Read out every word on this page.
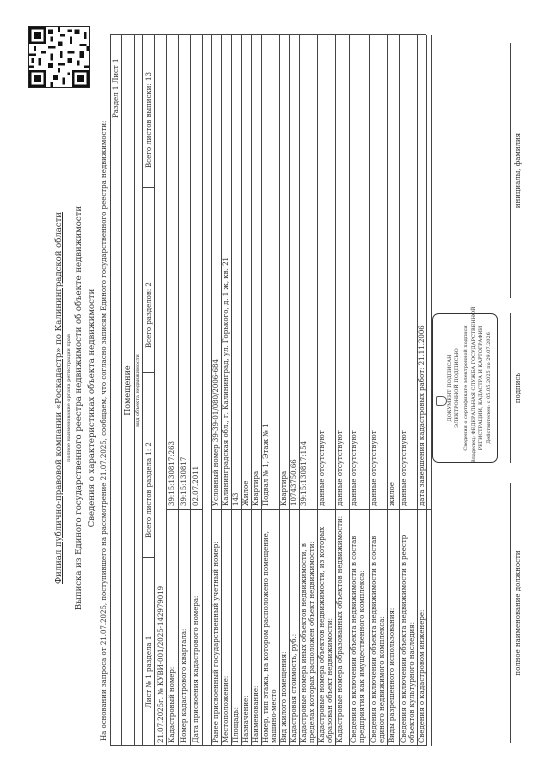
Филиал публично-правовой компании «Роскадастр» по Калининградской области полное наименование органа регистрации прав Выписка из Единого государственного реестра недвижимости об объекте недвижимости Сведения о характеристиках объекта недвижимости На основании запроса от 21.07.2025, поступившего на рассмотрение 21.07.2025, сообщаем, что согласно записям Единого государственного реестра недвижимости:
Раздел 1 Лист 1
Помещение вид объекта недвижимости
Лист № 1 раздела 1
Всего листов раздела 1: 2
Всего разделов: 2
Всего листов выписки: 13
21.07.2025г. № КУВИ-001/2025-142979019 Кадастровый номер:
39:15:130817:263
Номер кадастрового квартала:
39:15:130817
Дата присвоения кадастрового номера:
02.07.2011
Ранее присвоенный государственный учетный номер:
Условный номер 39-39-01/080/2006-684
Местоположение:
Калининградская обл., г. Калининград, ул. Горького, д. 1 ж, кв. 21
Площадь:
143
Назначение:
Жилое
Наименование:
Квартира
Номер, тип этажа, на котором расположено помещение, машино-место
Подвал № 1, Этаж № 1
Вид жилого помещения:
Квартира
Кадастровая стоимость, руб.:
10743750.66
Кадастровые номера иных объектов недвижимости, в пределах которых расположен объект недвижимости:
39:15:130817:154
Кадастровые номера объектов недвижимости, из которых образован объект недвижимости:
данные отсутствуют
Кадастровые номера образованных объектов недвижимости:
данные отсутствуют
Сведения о включении объекта недвижимости в состав предприятия как имущественного комплекса:
данные отсутствуют
Сведения о включении объекта недвижимости в состав единого недвижимого комплекса:
данные отсутствуют
Виды разрешенного использования:
жилое
Сведения о включении объекта недвижимости в реестр объектов культурного наследия:
данные отсутствуют
Сведения о кадастровом инженере:
дата завершения кадастровых работ: 21.11.2006	ДОКУМЕНТ ПОДПИСАН ЭЛЕКТРОННОЙ ПОДПИСЬЮ Сведения о сертификате электронной подписи Владелец: ФЕДЕРАЛЬНАЯ СЛУЖБА ГОСУДАРСТВЕННОЙ РЕГИСТРАЦИИ, КАДАСТРА И КАРТОГРАФИИ Действителен: с 05.05.2025 по 29.07.2026
полное наименование должности
подпись
инициалы, фамилия
